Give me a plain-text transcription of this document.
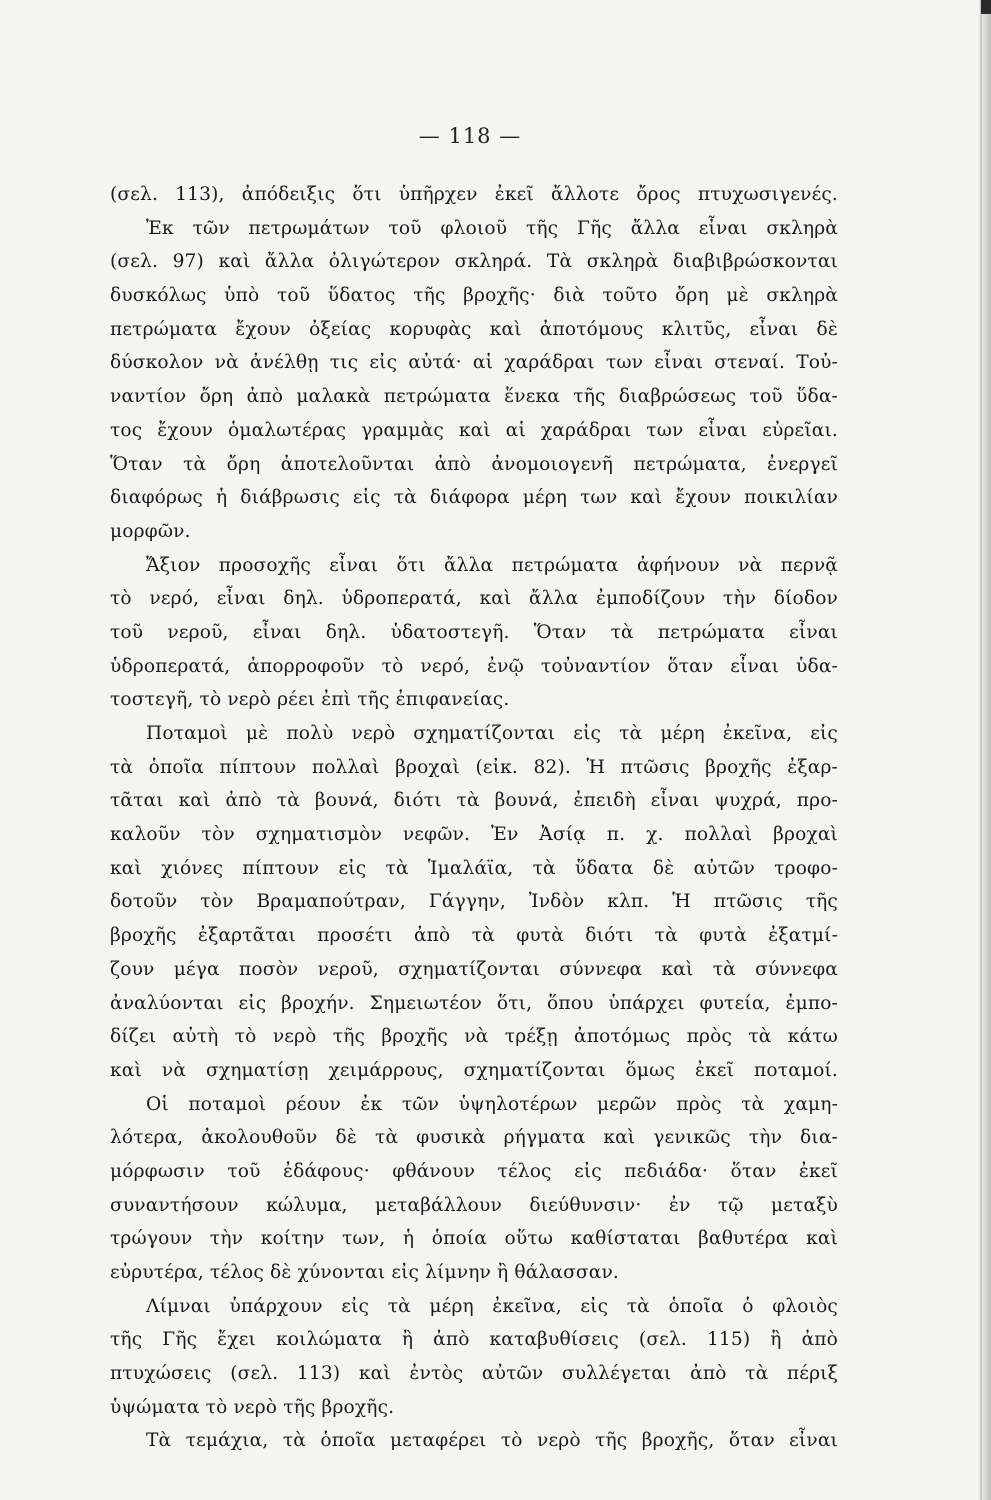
— 118 —
(σελ. 113), ἀπόδειξις ὅτι ὑπῆρχεν ἐκεῖ ἄλλοτε ὄρος πτυχωσιγενές.
Ἐκ τῶν πετρωμάτων τοῦ φλοιοῦ τῆς Γῆς ἄλλα εἶναι σκληρὰ
(σελ. 97) καὶ ἄλλα ὀλιγώτερον σκληρά. Τὰ σκληρὰ διαβιβρώσκονται
δυσκόλως ὑπὸ τοῦ ὕδατος τῆς βροχῆς· διὰ τοῦτο ὄρη μὲ σκληρὰ
πετρώματα ἔχουν ὀξείας κορυφὰς καὶ ἀποτόμους κλιτῦς, εἶναι δὲ
δύσκολον νὰ ἀνέλθῃ τις εἰς αὐτά· αἱ χαράδραι των εἶναι στεναί. Τοὐ-
ναντίον ὄρη ἀπὸ μαλακὰ πετρώματα ἕνεκα τῆς διαβρώσεως τοῦ ὕδα-
τος ἔχουν ὁμαλωτέρας γραμμὰς καὶ αἱ χαράδραι των εἶναι εὐρεῖαι.
Ὅταν τὰ ὄρη ἀποτελοῦνται ἀπὸ ἀνομοιογενῆ πετρώματα, ἐνεργεῖ
διαφόρως ἡ διάβρωσις εἰς τὰ διάφορα μέρη των καὶ ἔχουν ποικιλίαν
μορφῶν.
Ἄξιον προσοχῆς εἶναι ὅτι ἄλλα πετρώματα ἀφήνουν νὰ περνᾷ
τὸ νερό, εἶναι δηλ. ὑδροπερατά, καὶ ἄλλα ἐμποδίζουν τὴν δίοδον
τοῦ νεροῦ, εἶναι δηλ. ὑδατοστεγῆ. Ὅταν τὰ πετρώματα εἶναι
ὑδροπερατά, ἀπορροφοῦν τὸ νερό, ἐνῷ τοὐναντίον ὅταν εἶναι ὑδα-
τοστεγῆ, τὸ νερὸ ρέει ἐπὶ τῆς ἐπιφανείας.
Ποταμοὶ μὲ πολὺ νερὸ σχηματίζονται εἰς τὰ μέρη ἐκεῖνα, εἰς
τὰ ὁποῖα πίπτουν πολλαὶ βροχαὶ (εἰκ. 82). Ἡ πτῶσις βροχῆς ἐξαρ-
τᾶται καὶ ἀπὸ τὰ βουνά, διότι τὰ βουνά, ἐπειδὴ εἶναι ψυχρά, προ-
καλοῦν τὸν σχηματισμὸν νεφῶν. Ἐν Ἀσίᾳ π. χ. πολλαὶ βροχαὶ
καὶ χιόνες πίπτουν εἰς τὰ Ἱμαλάϊα, τὰ ὕδατα δὲ αὐτῶν τροφο-
δοτοῦν τὸν Βραμαπούτραν, Γάγγην, Ἰνδὸν κλπ. Ἡ πτῶσις τῆς
βροχῆς ἐξαρτᾶται προσέτι ἀπὸ τὰ φυτὰ διότι τὰ φυτὰ ἐξατμί-
ζουν μέγα ποσὸν νεροῦ, σχηματίζονται σύννεφα καὶ τὰ σύννεφα
ἀναλύονται εἰς βροχήν. Σημειωτέον ὅτι, ὅπου ὑπάρχει φυτεία, ἐμπο-
δίζει αὐτὴ τὸ νερὸ τῆς βροχῆς νὰ τρέξῃ ἀποτόμως πρὸς τὰ κάτω
καὶ νὰ σχηματίσῃ χειμάρρους, σχηματίζονται ὅμως ἐκεῖ ποταμοί.
Οἱ ποταμοὶ ρέουν ἐκ τῶν ὑψηλοτέρων μερῶν πρὸς τὰ χαμη-
λότερα, ἀκολουθοῦν δὲ τὰ φυσικὰ ρήγματα καὶ γενικῶς τὴν δια-
μόρφωσιν τοῦ ἐδάφους· φθάνουν τέλος εἰς πεδιάδα· ὅταν ἐκεῖ
συναντήσουν κώλυμα, μεταβάλλουν διεύθυνσιν· ἐν τῷ μεταξὺ
τρώγουν τὴν κοίτην των, ἡ ὁποία οὕτω καθίσταται βαθυτέρα καὶ
εὐρυτέρα, τέλος δὲ χύνονται εἰς λίμνην ἢ θάλασσαν.
Λίμναι ὑπάρχουν εἰς τὰ μέρη ἐκεῖνα, εἰς τὰ ὁποῖα ὁ φλοιὸς
τῆς Γῆς ἔχει κοιλώματα ἢ ἀπὸ καταβυθίσεις (σελ. 115) ἢ ἀπὸ
πτυχώσεις (σελ. 113) καὶ ἐντὸς αὐτῶν συλλέγεται ἀπὸ τὰ πέριξ
ὑψώματα τὸ νερὸ τῆς βροχῆς.
Τὰ τεμάχια, τὰ ὁποῖα μεταφέρει τὸ νερὸ τῆς βροχῆς, ὅταν εἶναι
